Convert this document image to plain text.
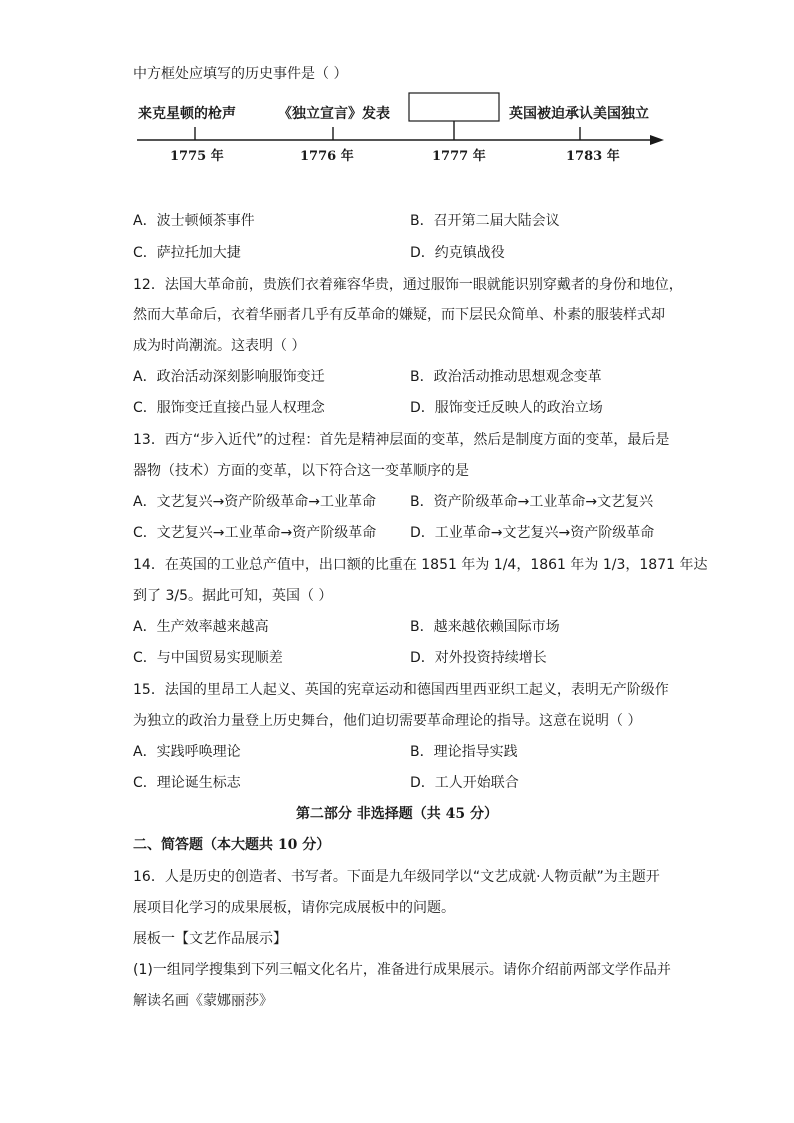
中方框处应填写的历史事件是（ ）
来克星顿的枪声	《独立宣言》发表	英国被迫承认美国独立
1775 年	1776 年	1777 年	1783 年
A．波士顿倾茶事件	B．召开第二届大陆会议
C．萨拉托加大捷	D．约克镇战役
12．法国大革命前，贵族们衣着雍容华贵，通过服饰一眼就能识别穿戴者的身份和地位，
然而大革命后，衣着华丽者几乎有反革命的嫌疑，而下层民众简单、朴素的服装样式却
成为时尚潮流。这表明（ ）
A．政治活动深刻影响服饰变迁	B．政治活动推动思想观念变革
C．服饰变迁直接凸显人权理念	D．服饰变迁反映人的政治立场
13．西方“步入近代”的过程：首先是精神层面的变革，然后是制度方面的变革，最后是
器物（技术）方面的变革，以下符合这一变革顺序的是
A．文艺复兴→资产阶级革命→工业革命 B．资产阶级革命→工业革命→文艺复兴
C．文艺复兴→工业革命→资产阶级革命 D．工业革命→文艺复兴→资产阶级革命
14．在英国的工业总产值中，出口额的比重在 1851 年为 1/4，1861 年为 1/3，1871 年达
到了 3/5。据此可知，英国（ ）
A．生产效率越来越高	B．越来越依赖国际市场
C．与中国贸易实现顺差	D．对外投资持续增长
15．法国的里昂工人起义、英国的宪章运动和德国西里西亚织工起义，表明无产阶级作
为独立的政治力量登上历史舞台，他们迫切需要革命理论的指导。这意在说明（ ）
A．实践呼唤理论	B．理论指导实践
C．理论诞生标志	D．工人开始联合
第二部分 非选择题（共 45 分）
二、简答题（本大题共 10 分）
16．人是历史的创造者、书写者。下面是九年级同学以“文艺成就·人物贡献”为主题开
展项目化学习的成果展板，请你完成展板中的问题。
展板一【文艺作品展示】
(1)一组同学搜集到下列三幅文化名片，准备进行成果展示。请你介绍前两部文学作品并
解读名画《蒙娜丽莎》
